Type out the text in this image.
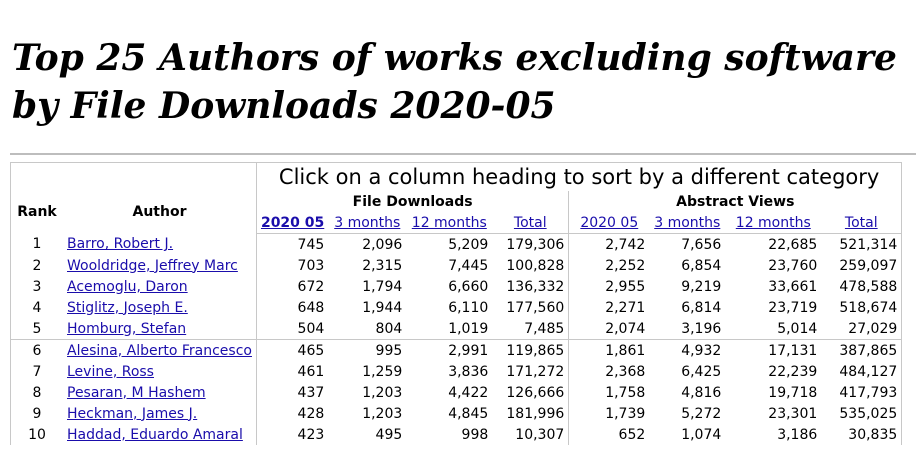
Top 25 Authors of works excluding software by File Downloads 2020-05
		Click on a column heading to sort by a different category							
Rank	Author	File Downloads				Abstract Views			
		2020 05	3 months	12 months	Total	2020 05	3 months	12 months	Total
1	Barro, Robert J.	745	2,096	5,209	179,306	2,742	7,656	22,685	521,314
2	Wooldridge, Jeffrey Marc	703	2,315	7,445	100,828	2,252	6,854	23,760	259,097
3	Acemoglu, Daron	672	1,794	6,660	136,332	2,955	9,219	33,661	478,588
4	Stiglitz, Joseph E.	648	1,944	6,110	177,560	2,271	6,814	23,719	518,674
5	Homburg, Stefan	504	804	1,019	7,485	2,074	3,196	5,014	27,029
6	Alesina, Alberto Francesco	465	995	2,991	119,865	1,861	4,932	17,131	387,865
7	Levine, Ross	461	1,259	3,836	171,272	2,368	6,425	22,239	484,127
8	Pesaran, M Hashem	437	1,203	4,422	126,666	1,758	4,816	19,718	417,793
9	Heckman, James J.	428	1,203	4,845	181,996	1,739	5,272	23,301	535,025
10	Haddad, Eduardo Amaral	423	495	998	10,307	652	1,074	3,186	30,835
